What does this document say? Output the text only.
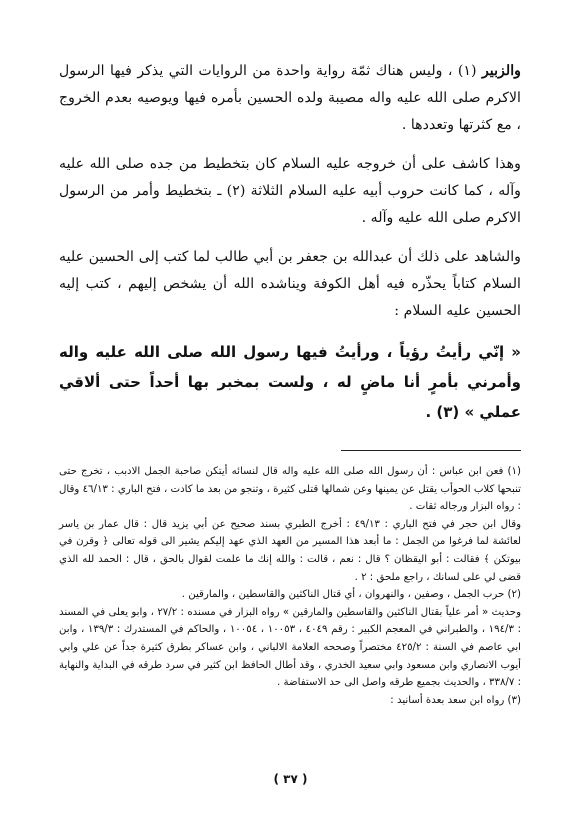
والزبير (١) ، وليس هناك ثمّة رواية واحدة من الروايات التي يذكر فيها الرسول الاكرم صلى الله عليه واله مصيبة ولده الحسين بأمره فيها ويوصيه بعدم الخروج ، مع كثرتها وتعددها .

وهذا كاشف على أن خروجه عليه السلام كان بتخطيط من جده صلى الله عليه وآله ، كما كانت حروب أبيه عليه السلام الثلاثة (٢) ـ بتخطيط وأمر من الرسول الاكرم صلى الله عليه وآله .

والشاهد على ذلك أن عبدالله بن جعفر بن أبي طالب لما كتب إلى الحسين عليه السلام كتاباً يحذّره فيه أهل الكوفة ويناشده الله أن يشخص إليهم ، كتب إليه الحسين عليه السلام :

« إنّي رأيتُ رؤياً ، ورأيتُ فيها رسول الله صلى الله عليه واله وأمرني بأمرٍ أنا ماضٍ له ، ولست بمخبر بها أحداً حتى ألاقي عملي » (٣) .

(١) فعن ابن عباس : أن رسول الله صلى الله عليه واله قال لنسائه أيتكن صاحبة الجمل الادبب ، تخرج حتى تنبحها كلاب الحوأب يقتل عن يمينها وعن شمالها قتلى كثيرة ، وتنجو من بعد ما كادت ، فتح الباري : ٤٦/١٣ وقال : رواه البزار ورجاله ثقات .

وقال ابن حجر في فتح الباري : ٤٩/١٣ : أخرج الطبري بسند صحيح عن أبي يزيد قال : قال عمار بن ياسر لعائشة لما فرغوا من الجمل : ما أبعد هذا المسير من العهد الذي عهد إليكم يشير الى قوله تعالى ﴿ وقرن في بيوتكن ﴾ فقالت : أبو اليقظان ؟ قال : نعم ، قالت : والله إنك ما علمت لقوال بالحق ، قال : الحمد لله الذي قضى لي على لسانك ، راجع ملحق : ٢ .

(٢) حرب الجمل ، وصفين ، والنهروان ، أي قتال الناكثين والقاسطين ، والمارقين .

وحديث « أمر علياً بقتال الناكثين والقاسطين والمارقين » رواه البزار في مسنده : ٢٧/٢ ، وابو يعلى في المسند : ١٩٤/٣ ، والطبراني في المعجم الكبير : رقم ٤٠٤٩ ، ١٠٠٥٣ ، ١٠٠٥٤ ، والحاكم في المستدرك : ١٣٩/٣ ، وابن ابي عاصم في السنة : ٤٢٥/٢ مختصراً وصححه العلامة الالباني ، وابن عساكر بطرق كثيرة جداً عن علي وابي أيوب الانصاري وابن مسعود وابي سعيد الخدري ، وقد أطال الحافظ ابن كثير في سرد طرقه في البداية والنهاية : ٣٣٨/٧ ، والحديث بجميع طرقه واصل الى حد الاستفاضة .

(٣) رواه ابن سعد بعدة أسانيد :

( ٣٧ )
